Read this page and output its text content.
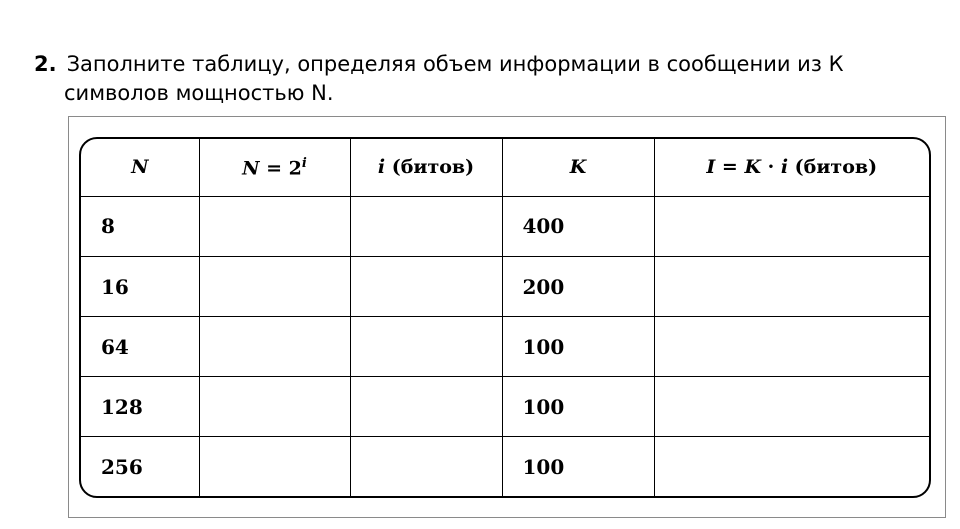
2. Заполните таблицу, определяя объем информации в сообщении из К
символов мощностью N.
N	$N = 2^i$	i (битов)	K	I = K · i (битов)
8			400	
16			200	
64			100	
128			100	
256			100	
